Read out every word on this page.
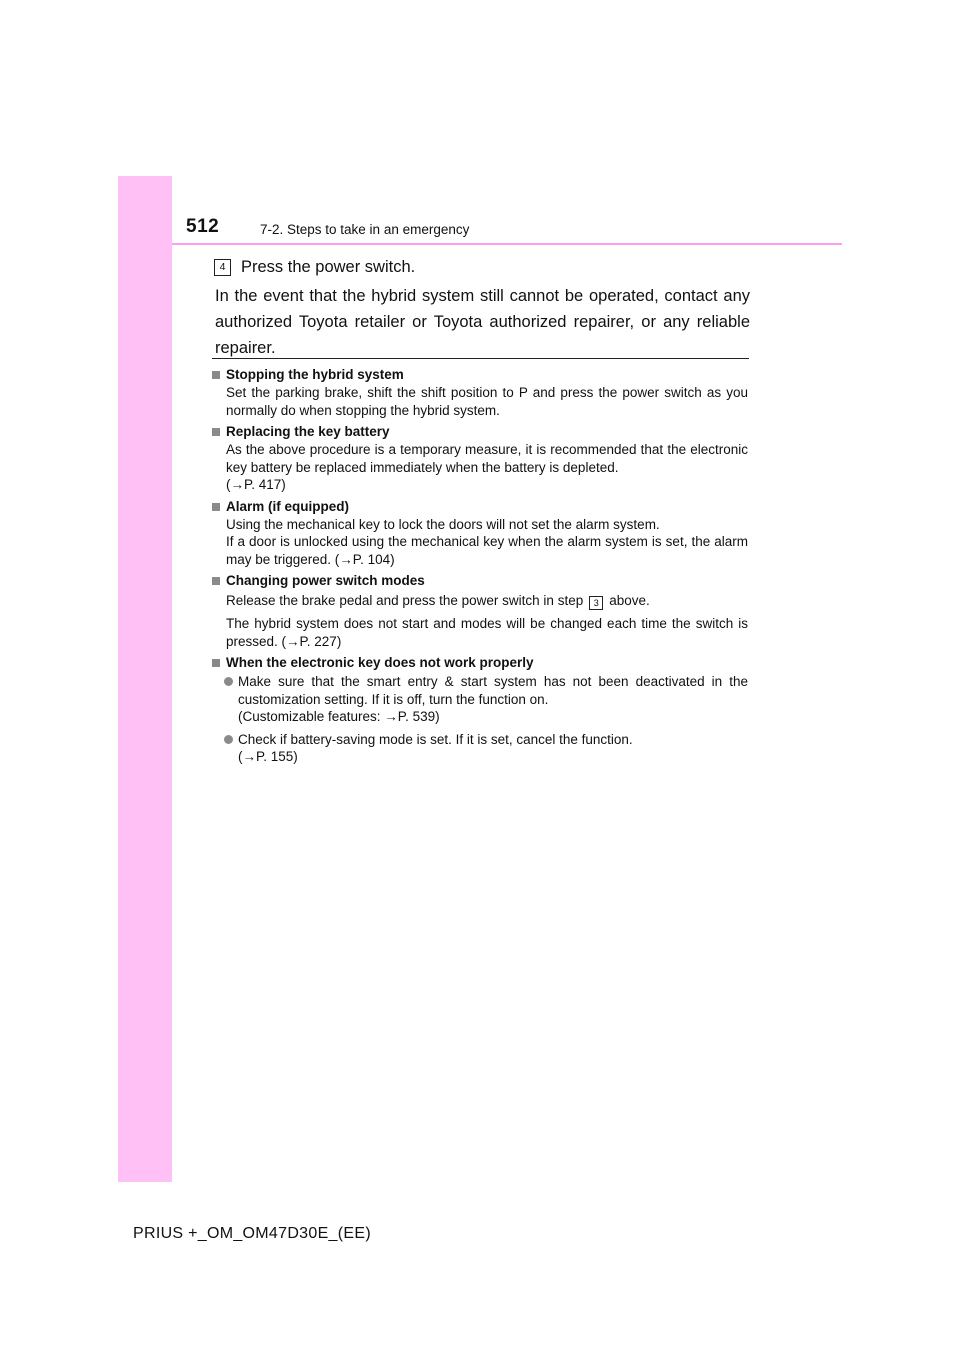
512	7-2. Steps to take in an emergency
4 Press the power switch.
In the event that the hybrid system still cannot be operated, contact any authorized Toyota retailer or Toyota authorized repairer, or any reliable repairer.
Stopping the hybrid system
Set the parking brake, shift the shift position to P and press the power switch as you normally do when stopping the hybrid system.
Replacing the key battery
As the above procedure is a temporary measure, it is recommended that the electronic key battery be replaced immediately when the battery is depleted.
(→P. 417)
Alarm (if equipped)
Using the mechanical key to lock the doors will not set the alarm system.
If a door is unlocked using the mechanical key when the alarm system is set, the alarm may be triggered. (→P. 104)
Changing power switch modes
Release the brake pedal and press the power switch in step 3 above.
The hybrid system does not start and modes will be changed each time the switch is pressed. (→P. 227)
When the electronic key does not work properly
Make sure that the smart entry & start system has not been deactivated in the customization setting. If it is off, turn the function on.
(Customizable features: →P. 539)
Check if battery-saving mode is set. If it is set, cancel the function.
(→P. 155)
PRIUS +_OM_OM47D30E_(EE)
